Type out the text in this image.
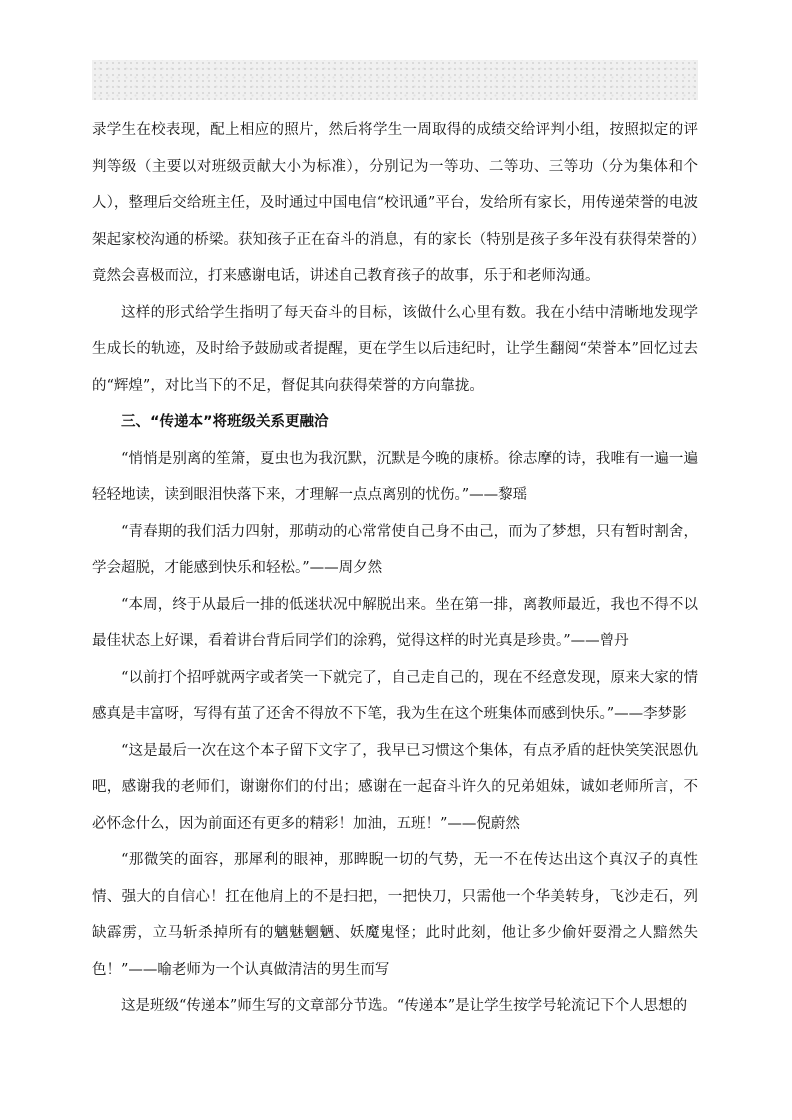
录学生在校表现，配上相应的照片，然后将学生一周取得的成绩交给评判小组，按照拟定的评判等级（主要以对班级贡献大小为标准），分别记为一等功、二等功、三等功（分为集体和个人），整理后交给班主任，及时通过中国电信“校讯通”平台，发给所有家长，用传递荣誉的电波架起家校沟通的桥梁。获知孩子正在奋斗的消息，有的家长（特别是孩子多年没有获得荣誉的）竟然会喜极而泣，打来感谢电话，讲述自己教育孩子的故事，乐于和老师沟通。

这样的形式给学生指明了每天奋斗的目标，该做什么心里有数。我在小结中清晰地发现学生成长的轨迹，及时给予鼓励或者提醒，更在学生以后违纪时，让学生翻阅“荣誉本”回忆过去的“辉煌”，对比当下的不足，督促其向获得荣誉的方向靠拢。

三、“传递本”将班级关系更融洽

“悄悄是别离的笙箫，夏虫也为我沉默，沉默是今晚的康桥。徐志摩的诗，我唯有一遍一遍轻轻地读，读到眼泪快落下来，才理解一点点离别的忧伤。”——黎瑶

“青春期的我们活力四射，那萌动的心常常使自己身不由己，而为了梦想，只有暂时割舍，学会超脱，才能感到快乐和轻松。”——周夕然

“本周，终于从最后一排的低迷状况中解脱出来。坐在第一排，离教师最近，我也不得不以最佳状态上好课，看着讲台背后同学们的涂鸦，觉得这样的时光真是珍贵。”——曾丹

“以前打个招呼就两字或者笑一下就完了，自己走自己的，现在不经意发现，原来大家的情感真是丰富呀，写得有茧了还舍不得放不下笔，我为生在这个班集体而感到快乐。”——李梦影

“这是最后一次在这个本子留下文字了，我早已习惯这个集体，有点矛盾的赶快笑笑泯恩仇吧，感谢我的老师们，谢谢你们的付出；感谢在一起奋斗许久的兄弟姐妹，诚如老师所言，不必怀念什么，因为前面还有更多的精彩！加油，五班！”——倪蔚然

“那微笑的面容，那犀利的眼神，那睥睨一切的气势，无一不在传达出这个真汉子的真性情、强大的自信心！扛在他肩上的不是扫把，一把快刀，只需他一个华美转身，飞沙走石，列缺霹雳，立马斩杀掉所有的魑魅魍魉、妖魔鬼怪；此时此刻，他让多少偷奸耍滑之人黯然失色！”——喻老师为一个认真做清洁的男生而写

这是班级“传递本”师生写的文章部分节选。“传递本”是让学生按学号轮流记下个人思想的
